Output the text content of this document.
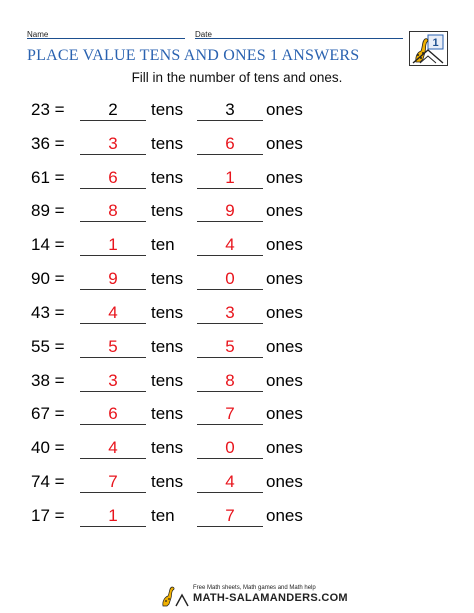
Name	Date
1
PLACE VALUE TENS AND ONES 1 ANSWERS
Fill in the number of tens and ones.
23 =	2	tens	3	ones
36 =	3	tens	6	ones
61 =	6	tens	1	ones
89 =	8	tens	9	ones
14 =	1	ten	4	ones
90 =	9	tens	0	ones
43 =	4	tens	3	ones
55 =	5	tens	5	ones
38 =	3	tens	8	ones
67 =	6	tens	7	ones
40 =	4	tens	0	ones
74 =	7	tens	4	ones
17 =	1	ten	7	ones
Free Math sheets, Math games and Math help
MATH-SALAMANDERS.COM
